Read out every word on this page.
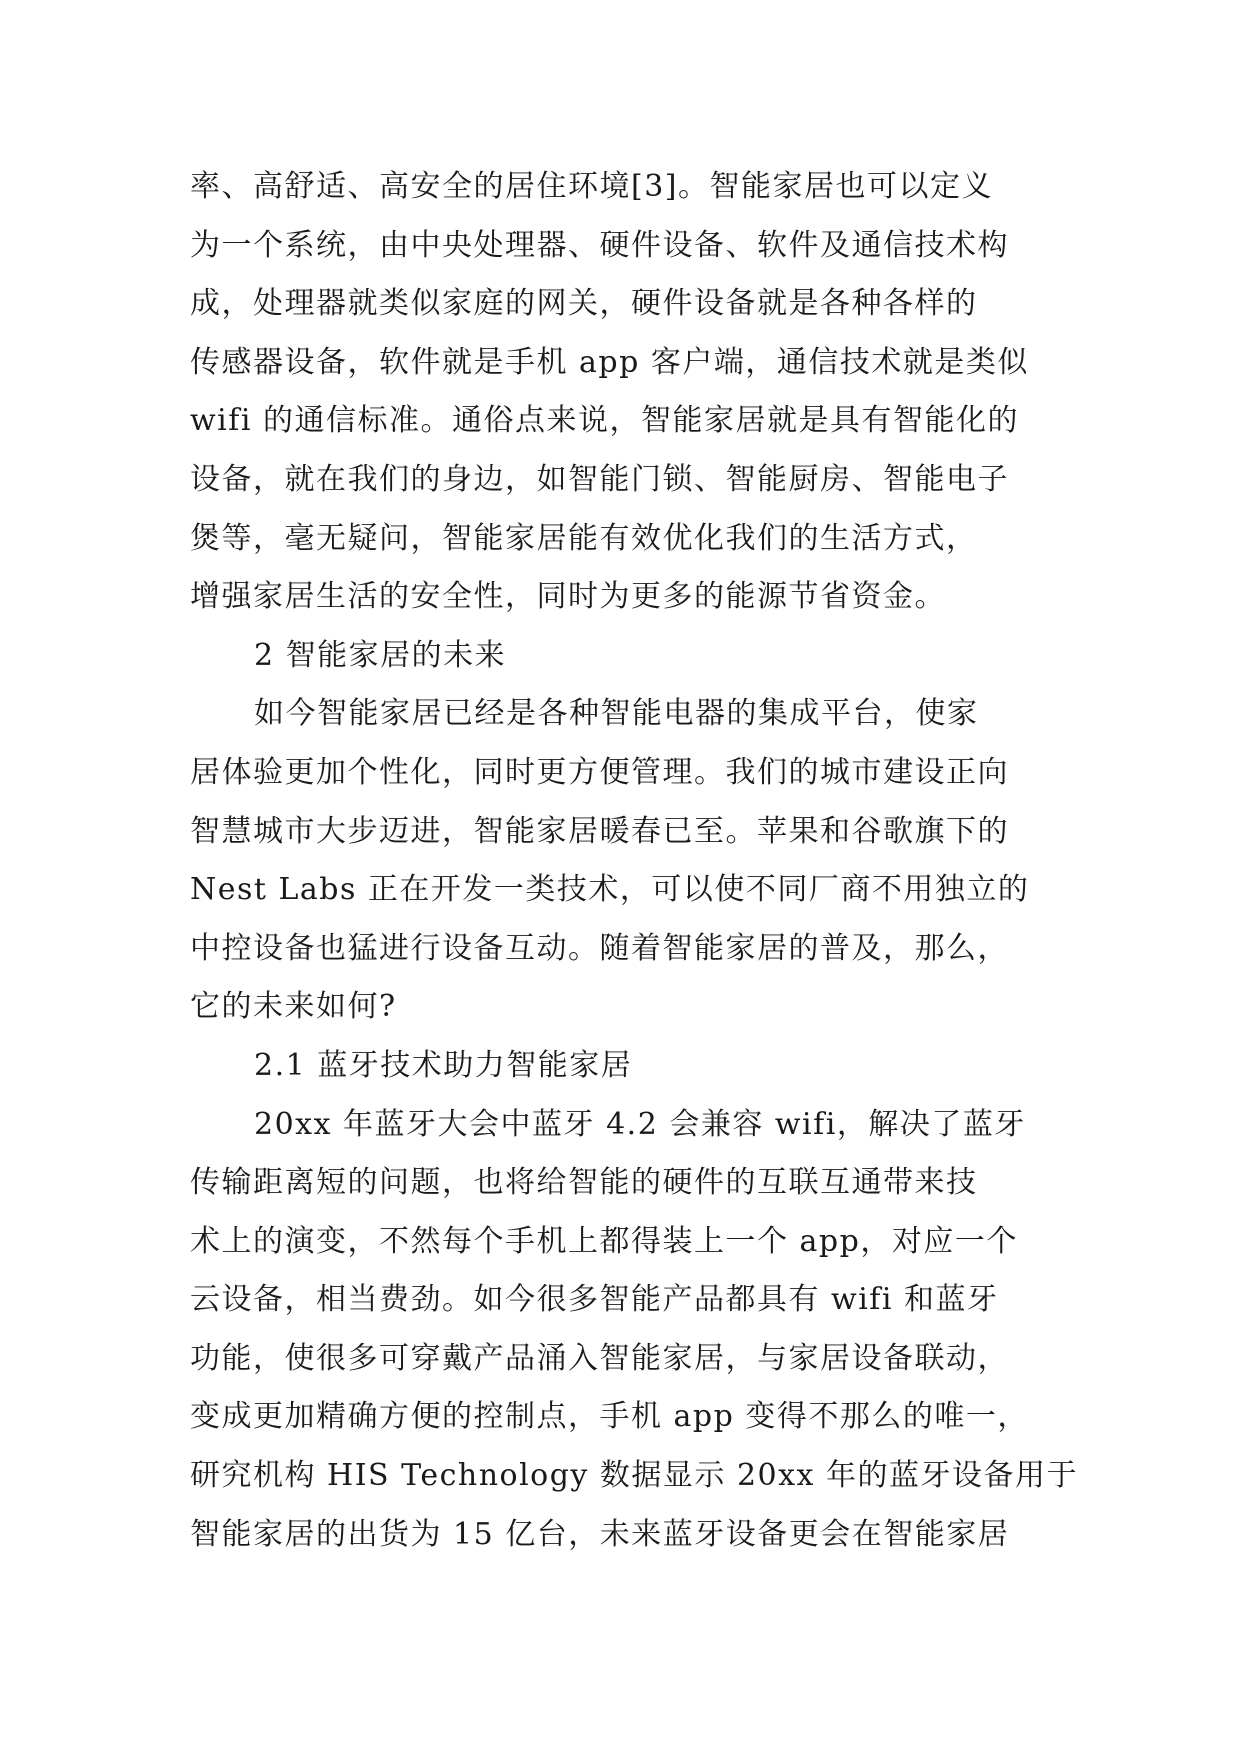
率、高舒适、高安全的居住环境[3]。智能家居也可以定义
为一个系统，由中央处理器、硬件设备、软件及通信技术构
成，处理器就类似家庭的网关，硬件设备就是各种各样的
传感器设备，软件就是手机 app 客户端，通信技术就是类似
wifi 的通信标准。通俗点来说，智能家居就是具有智能化的
设备，就在我们的身边，如智能门锁、智能厨房、智能电子
煲等，毫无疑问，智能家居能有效优化我们的生活方式，
增强家居生活的安全性，同时为更多的能源节省资金。

2 智能家居的未来

如今智能家居已经是各种智能电器的集成平台，使家
居体验更加个性化，同时更方便管理。我们的城市建设正向
智慧城市大步迈进，智能家居暖春已至。苹果和谷歌旗下的
Nest Labs 正在开发一类技术，可以使不同厂商不用独立的
中控设备也猛进行设备互动。随着智能家居的普及，那么，
它的未来如何?

2.1 蓝牙技术助力智能家居

20xx 年蓝牙大会中蓝牙 4.2 会兼容 wifi，解决了蓝牙
传输距离短的问题，也将给智能的硬件的互联互通带来技
术上的演变，不然每个手机上都得装上一个 app，对应一个
云设备，相当费劲。如今很多智能产品都具有 wifi 和蓝牙
功能，使很多可穿戴产品涌入智能家居，与家居设备联动，
变成更加精确方便的控制点，手机 app 变得不那么的唯一，
研究机构 HIS Technology 数据显示 20xx 年的蓝牙设备用于
智能家居的出货为 15 亿台，未来蓝牙设备更会在智能家居
